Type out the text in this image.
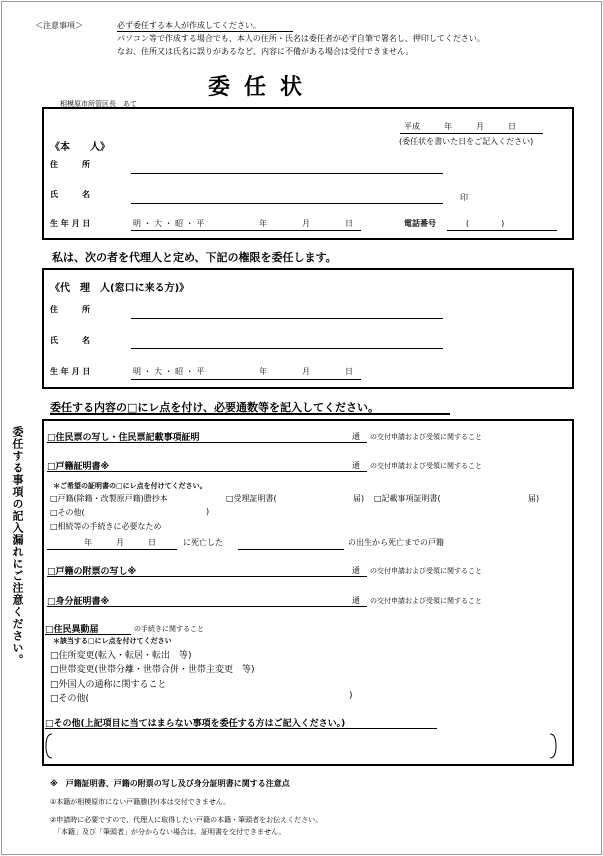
＜注意事項＞	必ず委任する本人が作成してください。
パソコン等で作成する場合でも、本人の住所・氏名は委任者が必ず自筆で署名し、押印してください。
なお、住所又は氏名に誤りがあるなど、内容に不備がある場合は受付できません。
委任状
相模原市所管区長　あて
平成　　　年　　　月　　　日
(委任状を書いた日をご記入ください)
《本　　人》
住　　　所
氏　　　名	印
生 年 月 日	明 ・ 大 ・ 昭 ・ 平	年	月	日	電話番号	(　　　　)
私は、次の者を代理人と定め、下記の権限を委任します。
《代　理　人(窓口に来る方)》
住　　　所
氏　　　名
生 年 月 日	明 ・ 大 ・ 昭 ・ 平	年	月	日
委任する内容の□にレ点を付け、必要通数等を記入してください。
委任する事項の記入漏れにご注意ください。	□住民票の写し・住民票記載事項証明	通 の交付申請および受領に関すること
□戸籍証明書※	通 の交付申請および受領に関すること
＊ご希望の証明書の□にレ点を付けてください。
□戸籍(除籍・改製原戸籍)謄抄本	□受理証明書(	届) □記載事項証明書(	届)
□その他(	)
□相続等の手続きに必要なため
年　　　月　　　日	に死亡した	の出生から死亡までの戸籍
□戸籍の附票の写し※	通 の交付申請および受領に関すること
□身分証明書※	通 の交付申請および受領に関すること
□住民異動届	の手続きに関すること
＊該当する□にレ点を付けてください
□住所変更(転入・転居・転出　等)
□世帯変更(世帯分離・世帯合併・世帯主変更　等)
□外国人の通称に関すること
□その他(	)
□その他(上記項目に当てはまらない事項を委任する方はご記入ください。)
※　戸籍証明書、戸籍の附票の写し及び身分証明書に関する注意点
①本籍が相模原市にない戸籍謄(抄)本は交付できません。
②申請時に必要ですので、代理人に取得したい戸籍の本籍・筆頭者をお伝えください。
「本籍」及び「筆頭者」が分からない場合は、証明書を交付できません。
